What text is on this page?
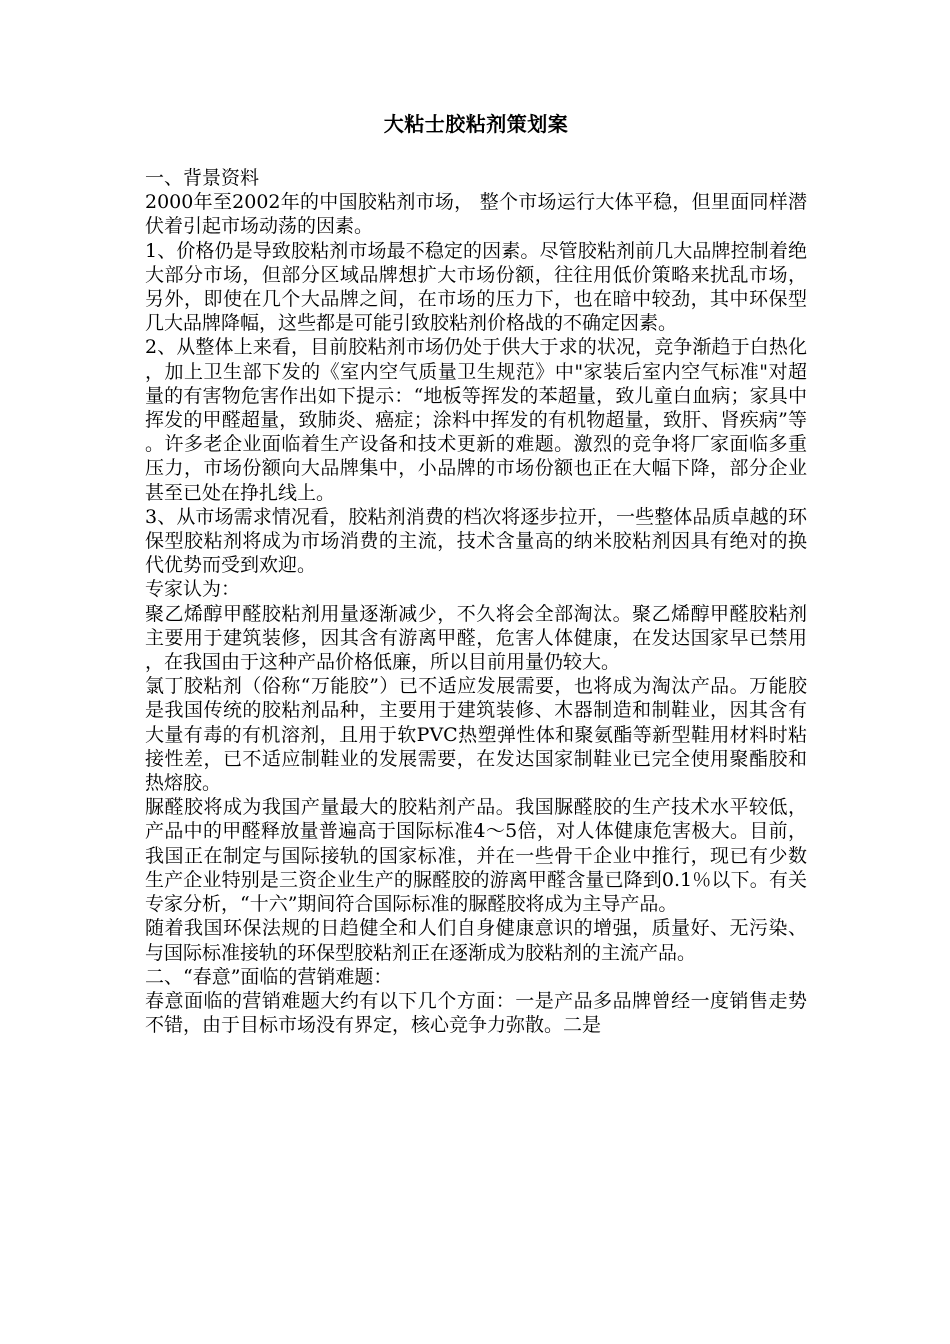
大粘士胶粘剂策划案

一、背景资料

2000年至2002年的中国胶粘剂市场， 整个市场运行大体平稳，但里面同样潜伏着引起市场动荡的因素。

1、价格仍是导致胶粘剂市场最不稳定的因素。尽管胶粘剂前几大品牌控制着绝大部分市场，但部分区域品牌想扩大市场份额，往往用低价策略来扰乱市场，另外，即使在几个大品牌之间，在市场的压力下，也在暗中较劲，其中环保型几大品牌降幅，这些都是可能引致胶粘剂价格战的不确定因素。

2、从整体上来看，目前胶粘剂市场仍处于供大于求的状况，竞争渐趋于白热化，加上卫生部下发的《室内空气质量卫生规范》中"家装后室内空气标准"对超量的有害物危害作出如下提示：“地板等挥发的苯超量，致儿童白血病；家具中挥发的甲醛超量，致肺炎、癌症；涂料中挥发的有机物超量，致肝、肾疾病”等。许多老企业面临着生产设备和技术更新的难题。激烈的竞争将厂家面临多重压力，市场份额向大品牌集中，小品牌的市场份额也正在大幅下降，部分企业甚至已处在挣扎线上。

3、从市场需求情况看，胶粘剂消费的档次将逐步拉开，一些整体品质卓越的环保型胶粘剂将成为市场消费的主流，技术含量高的纳米胶粘剂因具有绝对的换代优势而受到欢迎。

专家认为：

聚乙烯醇甲醛胶粘剂用量逐渐减少，不久将会全部淘汰。聚乙烯醇甲醛胶粘剂主要用于建筑装修，因其含有游离甲醛，危害人体健康，在发达国家早已禁用，在我国由于这种产品价格低廉，所以目前用量仍较大。

氯丁胶粘剂（俗称“万能胶”）已不适应发展需要，也将成为淘汰产品。万能胶是我国传统的胶粘剂品种，主要用于建筑装修、木器制造和制鞋业，因其含有大量有毒的有机溶剂，且用于软PVC热塑弹性体和聚氨酯等新型鞋用材料时粘接性差，已不适应制鞋业的发展需要，在发达国家制鞋业已完全使用聚酯胶和热熔胶。

脲醛胶将成为我国产量最大的胶粘剂产品。我国脲醛胶的生产技术水平较低，产品中的甲醛释放量普遍高于国际标准4～5倍，对人体健康危害极大。目前，我国正在制定与国际接轨的国家标准，并在一些骨干企业中推行，现已有少数生产企业特别是三资企业生产的脲醛胶的游离甲醛含量已降到0.1％以下。有关专家分析，“十六”期间符合国际标准的脲醛胶将成为主导产品。

随着我国环保法规的日趋健全和人们自身健康意识的增强，质量好、无污染、与国际标准接轨的环保型胶粘剂正在逐渐成为胶粘剂的主流产品。

二、“春意”面临的营销难题：

春意面临的营销难题大约有以下几个方面：一是产品多品牌曾经一度销售走势不错，由于目标市场没有界定，核心竞争力弥散。二是
